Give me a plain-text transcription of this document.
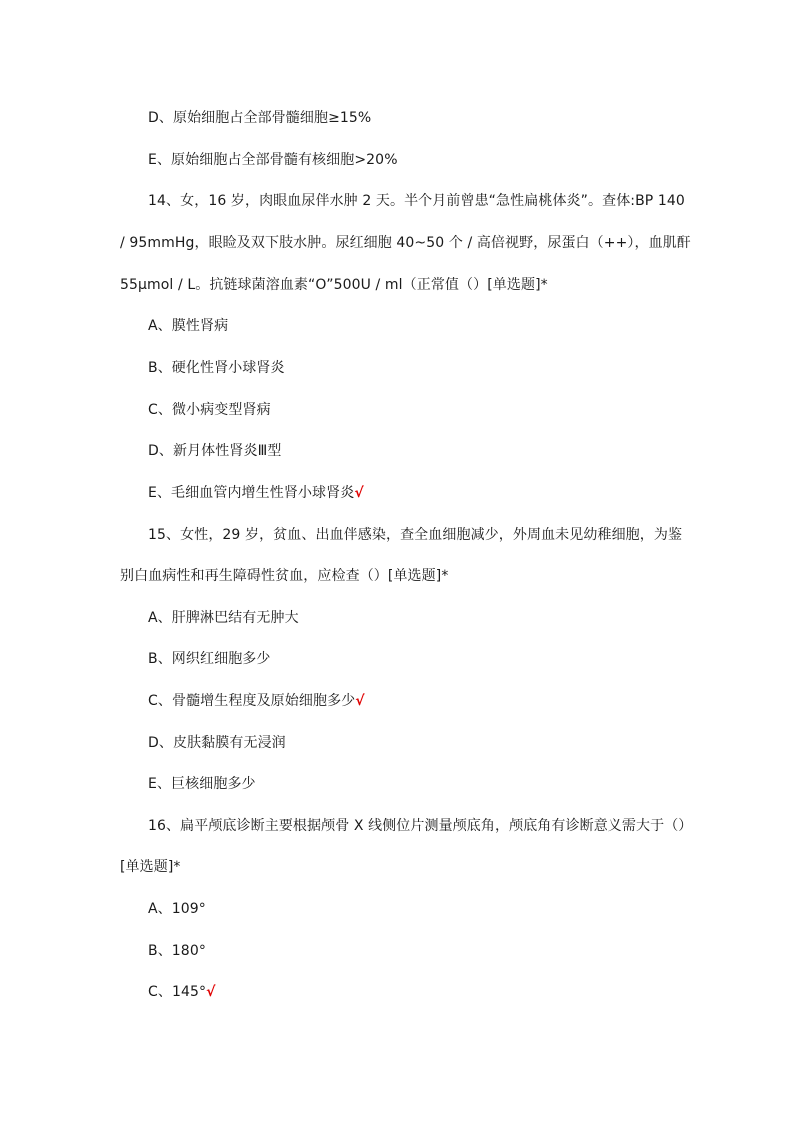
D、原始细胞占全部骨髓细胞≥15%
E、原始细胞占全部骨髓有核细胞>20%
14、女，16 岁，肉眼血尿伴水肿 2 天。半个月前曾患“急性扁桃体炎”。查体:BP 140
/ 95mmHg，眼睑及双下肢水肿。尿红细胞 40~50 个 / 高倍视野，尿蛋白（++），血肌酐
55μmol / L。抗链球菌溶血素“O”500U / ml（正常值（）[单选题]*
A、膜性肾病
B、硬化性肾小球肾炎
C、微小病变型肾病
D、新月体性肾炎Ⅲ型
E、毛细血管内增生性肾小球肾炎√
15、女性，29 岁，贫血、出血伴感染，查全血细胞减少，外周血未见幼稚细胞，为鉴
别白血病性和再生障碍性贫血，应检查（）[单选题]*
A、肝脾淋巴结有无肿大
B、网织红细胞多少
C、骨髓增生程度及原始细胞多少√
D、皮肤黏膜有无浸润
E、巨核细胞多少
16、扁平颅底诊断主要根据颅骨 X 线侧位片测量颅底角，颅底角有诊断意义需大于（）
[单选题]*
A、109°
B、180°
C、145°√
